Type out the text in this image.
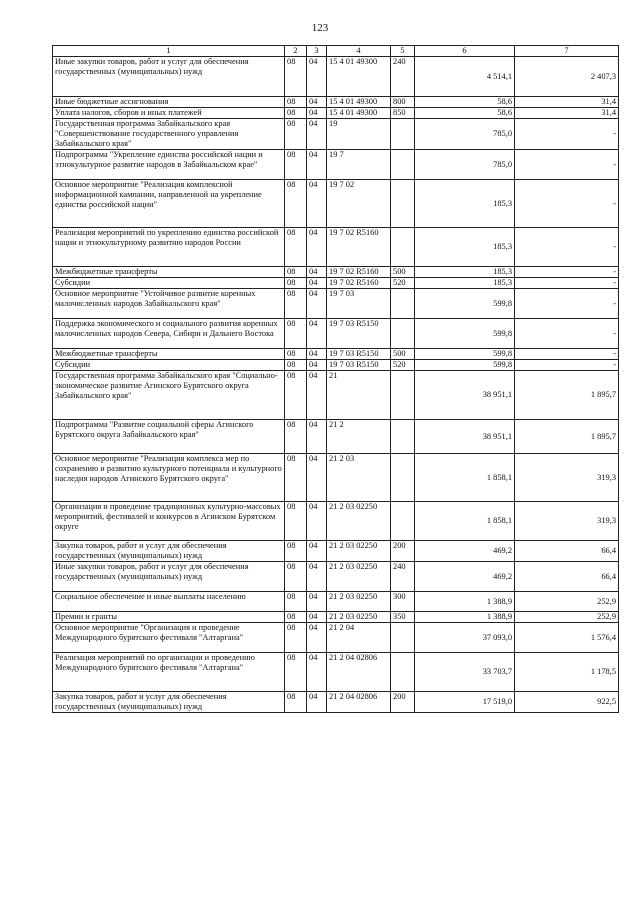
123
1	2	3	4	5	6	7
Иные закупки товаров, работ и услуг для обеспечения государственных (муниципальных) нужд	08	04	15 4 01 49300	240	4 514,1	2 407,3
Иные бюджетные ассигнования	08	04	15 4 01 49300	800	58,6	31,4
Уплата налогов, сборов и иных платежей	08	04	15 4 01 49300	850	58,6	31,4
Государственная программа Забайкальского края "Совершенствование государственного управления Забайкальского края"	08	04	19		785,0	-
Подпрограмма "Укрепление единства российской нации и этнокультурное развитие народов в Забайкальском крае"	08	04	19 7		785,0	-
Основное мероприятие "Реализация комплексной информационной кампании, направленной на укрепление единства российской нации"	08	04	19 7 02		185,3	-
Реализация мероприятий по укреплению единства российской нации и этнокультурному развитию народов России	08	04	19 7 02 R5160		185,3	-
Межбюджетные трансферты	08	04	19 7 02 R5160	500	185,3	-
Субсидии	08	04	19 7 02 R5160	520	185,3	-
Основное мероприятие "Устойчивое развитие коренных малочисленных народов Забайкальского края"	08	04	19 7 03		599,8	-
Поддержка экономического и социального развития коренных малочисленных народов Севера, Сибири и Дальнего Востока	08	04	19 7 03 R5150		599,8	-
Межбюджетные трансферты	08	04	19 7 03 R5150	500	599,8	-
Субсидии	08	04	19 7 03 R5150	520	599,8	-
Государственная программа Забайкальского края "Социально-экономическое развитие Агинского Бурятского округа Забайкальского края"	08	04	21		38 951,1	1 895,7
Подпрограмма "Развитие социальной сферы Агинского Бурятского округа Забайкальского края"	08	04	21 2		38 951,1	1 895,7
Основное мероприятие "Реализация комплекса мер по сохранению и развитию культурного потенциала и культурного наследия народов Агинского Бурятского округа"	08	04	21 2 03		1 858,1	319,3
Организация и проведение традиционных культурно-массовых мероприятий, фестивалей и конкурсов в Агинском Бурятском округе	08	04	21 2 03 02250		1 858,1	319,3
Закупка товаров, работ и услуг для обеспечения государственных (муниципальных) нужд	08	04	21 2 03 02250	200	469,2	66,4
Иные закупки товаров, работ и услуг для обеспечения государственных (муниципальных) нужд	08	04	21 2 03 02250	240	469,2	66,4
Социальное обеспечение и иные выплаты населению	08	04	21 2 03 02250	300	1 388,9	252,9
Премии и гранты	08	04	21 2 03 02250	350	1 388,9	252,9
Основное мероприятие "Организация и проведение Международного бурятского фестиваля "Алтаргана"	08	04	21 2 04		37 093,0	1 576,4
Реализация мероприятий по организации и проведению Международного бурятского фестиваля "Алтаргана"	08	04	21 2 04 02806		33 703,7	1 178,5
Закупка товаров, работ и услуг для обеспечения государственных (муниципальных) нужд	08	04	21 2 04 02806	200	17 519,0	922,5
